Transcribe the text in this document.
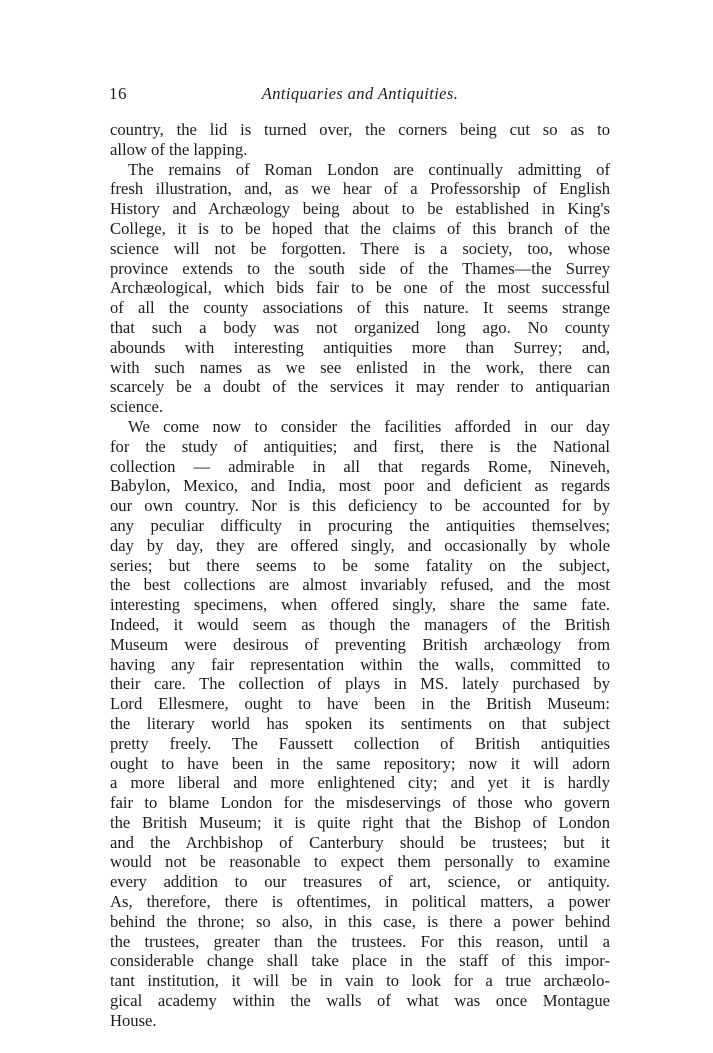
16	Antiquaries and Antiquities.
country, the lid is turned over, the corners being cut so as to
allow of the lapping.
The remains of Roman London are continually admitting of
fresh illustration, and, as we hear of a Professorship of English
History and Archæology being about to be established in King's
College, it is to be hoped that the claims of this branch of the
science will not be forgotten. There is a society, too, whose
province extends to the south side of the Thames—the Surrey
Archæological, which bids fair to be one of the most successful
of all the county associations of this nature. It seems strange
that such a body was not organized long ago. No county
abounds with interesting antiquities more than Surrey; and,
with such names as we see enlisted in the work, there can
scarcely be a doubt of the services it may render to antiquarian
science.
We come now to consider the facilities afforded in our day
for the study of antiquities; and first, there is the National
collection — admirable in all that regards Rome, Nineveh,
Babylon, Mexico, and India, most poor and deficient as regards
our own country. Nor is this deficiency to be accounted for by
any peculiar difficulty in procuring the antiquities themselves;
day by day, they are offered singly, and occasionally by whole
series; but there seems to be some fatality on the subject,
the best collections are almost invariably refused, and the most
interesting specimens, when offered singly, share the same fate.
Indeed, it would seem as though the managers of the British
Museum were desirous of preventing British archæology from
having any fair representation within the walls, committed to
their care. The collection of plays in MS. lately purchased by
Lord Ellesmere, ought to have been in the British Museum:
the literary world has spoken its sentiments on that subject
pretty freely. The Faussett collection of British antiquities
ought to have been in the same repository; now it will adorn
a more liberal and more enlightened city; and yet it is hardly
fair to blame London for the misdeservings of those who govern
the British Museum; it is quite right that the Bishop of London
and the Archbishop of Canterbury should be trustees; but it
would not be reasonable to expect them personally to examine
every addition to our treasures of art, science, or antiquity.
As, therefore, there is oftentimes, in political matters, a power
behind the throne; so also, in this case, is there a power behind
the trustees, greater than the trustees. For this reason, until a
considerable change shall take place in the staff of this impor-
tant institution, it will be in vain to look for a true archæolo-
gical academy within the walls of what was once Montague
House.
